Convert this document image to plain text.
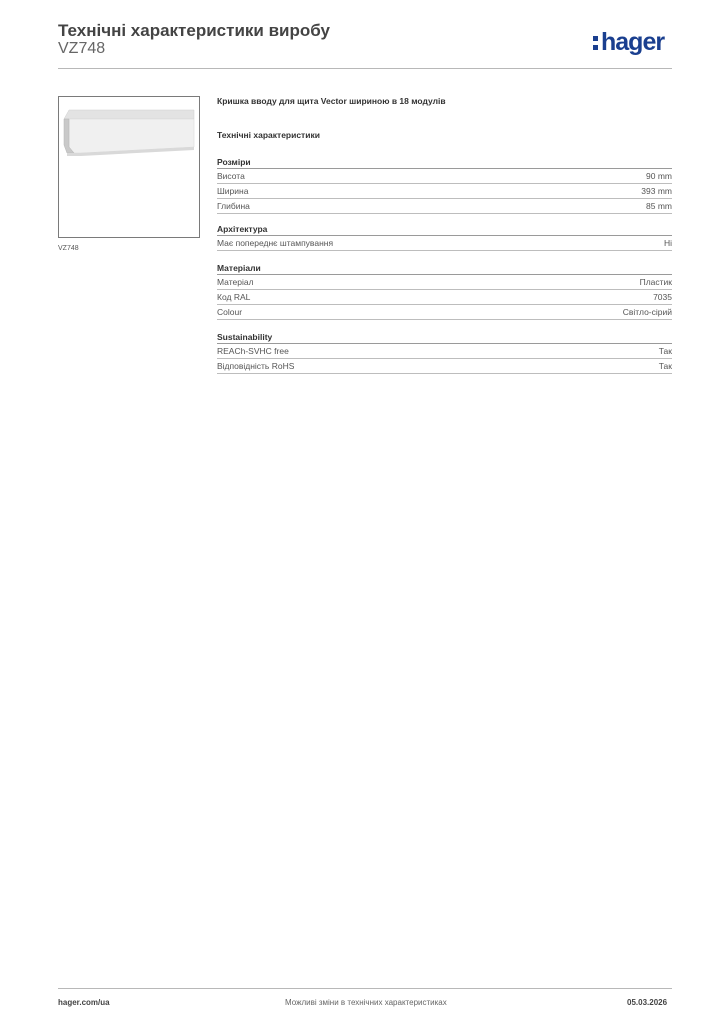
Технічні характеристики виробу
VZ748	hager
VZ748

Кришка вводу для щита Vector шириною в 18 модулів

Технічні характеристики

Розміри
Висота	90 mm
Ширина	393 mm
Глибина	85 mm
Архітектура
Має попереднє штампування	Ні
Матеріали
Матеріал	Пластик
Код RAL	7035
Colour	Світло-сірий
Sustainability
REACh-SVHC free	Так
Відповідність RoHS	Так
hager.com/ua	Можливі зміни в технічних характеристиках	05.03.2026
